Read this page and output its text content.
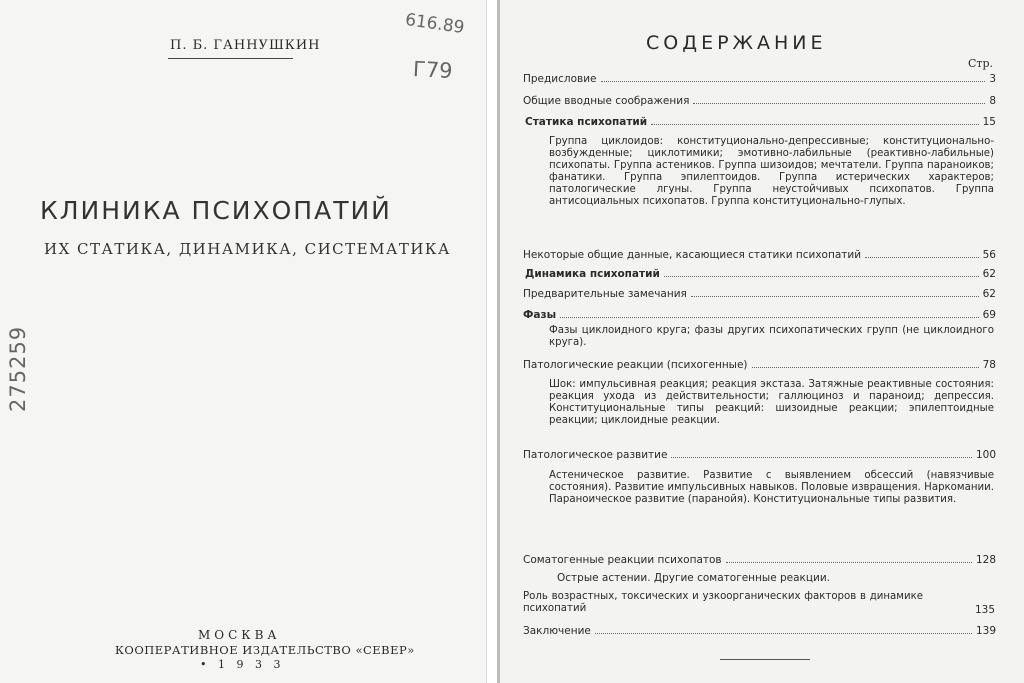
П. Б. ГАННУШКИН
616.89
Г79
275259
КЛИНИКА ПСИХОПАТИЙ
ИХ СТАТИКА, ДИНАМИКА, СИСТЕМАТИКА
МОСКВА
КООПЕРАТИВНОЕ ИЗДАТЕЛЬСТВО «СЕВЕР»
• 1 9 3 3
СОДЕРЖАНИЕ
Стр.
Предисловие	3
Общие вводные соображения	8
Статика психопатий	15
Группа циклоидов: конституционально-депрессивные; конституционально-возбужденные; циклотимики; эмотивно-лабильные (реактивно-лабильные) психопаты. Группа астеников. Группа шизоидов; мечтатели. Группа параноиков; фанатики. Группа эпилептоидов. Группа истерических характеров; патологические лгуны. Группа неустойчивых психопатов. Группа антисоциальных психопатов. Группа конституционально-глупых.
Некоторые общие данные, касающиеся статики психопатий	56
Динамика психопатий	62
Предварительные замечания	62
Фазы	69
Фазы циклоидного круга; фазы других психопатических групп (не циклоидного круга).
Патологические реакции (психогенные)	78
Шок: импульсивная реакция; реакция экстаза. Затяжные реактивные состояния: реакция ухода из действительности; галлюциноз и параноид; депрессия. Конституциональные типы реакций: шизоидные реакции; эпилептоидные реакции; циклоидные реакции.
Патологическое развитие	100
Астеническое развитие. Развитие с выявлением обсессий (навязчивые состояния). Развитие импульсивных навыков. Половые извращения. Наркомании. Параноическое развитие (паранойя). Конституциональные типы развития.
Соматогенные реакции психопатов	128
Острые астении. Другие соматогенные реакции.
Роль возрастных, токсических и узкоорганических факторов в динамике психопатий	135
Заключение	139
